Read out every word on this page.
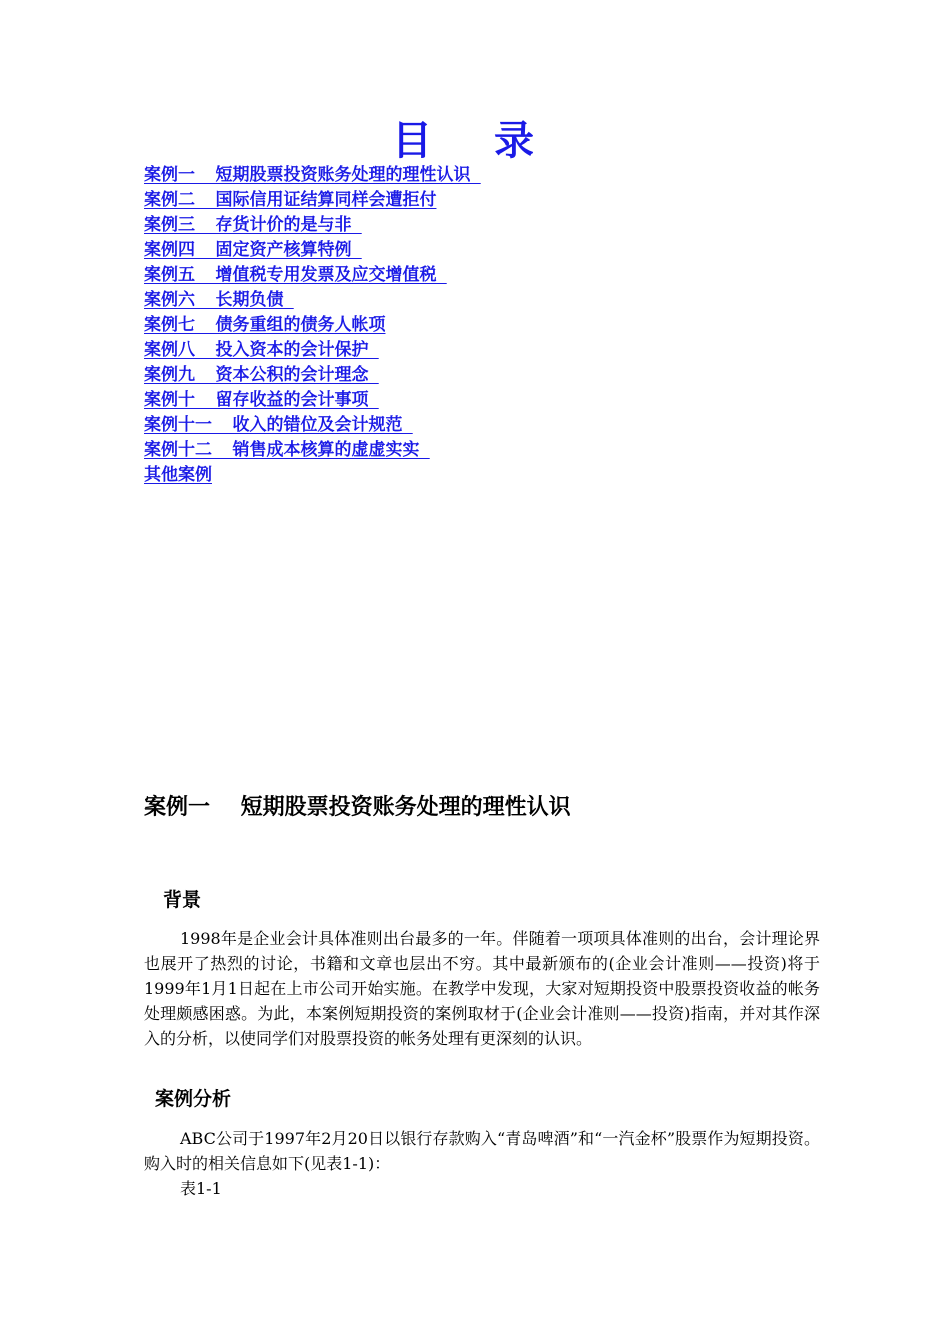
目 录
案例一  短期股票投资账务处理的理性认识
案例二  国际信用证结算同样会遭拒付
案例三  存货计价的是与非
案例四  固定资产核算特例
案例五  增值税专用发票及应交增值税
案例六  长期负债
案例七  债务重组的债务人帐项
案例八  投入资本的会计保护
案例九  资本公积的会计理念
案例十  留存收益的会计事项
案例十一  收入的错位及会计规范
案例十二  销售成本核算的虚虚实实
其他案例
案例一    短期股票投资账务处理的理性认识
背景

1998年是企业会计具体准则出台最多的一年。伴随着一项项具体准则的出台，会计理论界也展开了热烈的讨论，书籍和文章也层出不穷。其中最新颁布的(企业会计准则——投资)将于1999年1月1日起在上市公司开始实施。在教学中发现，大家对短期投资中股票投资收益的帐务处理颇感困惑。为此，本案例短期投资的案例取材于(企业会计准则——投资)指南，并对其作深入的分析，以使同学们对股票投资的帐务处理有更深刻的认识。

案例分析

ABC公司于1997年2月20日以银行存款购入“青岛啤酒”和“一汽金杯”股票作为短期投资。购入时的相关信息如下(见表1-1)：

表1-1
